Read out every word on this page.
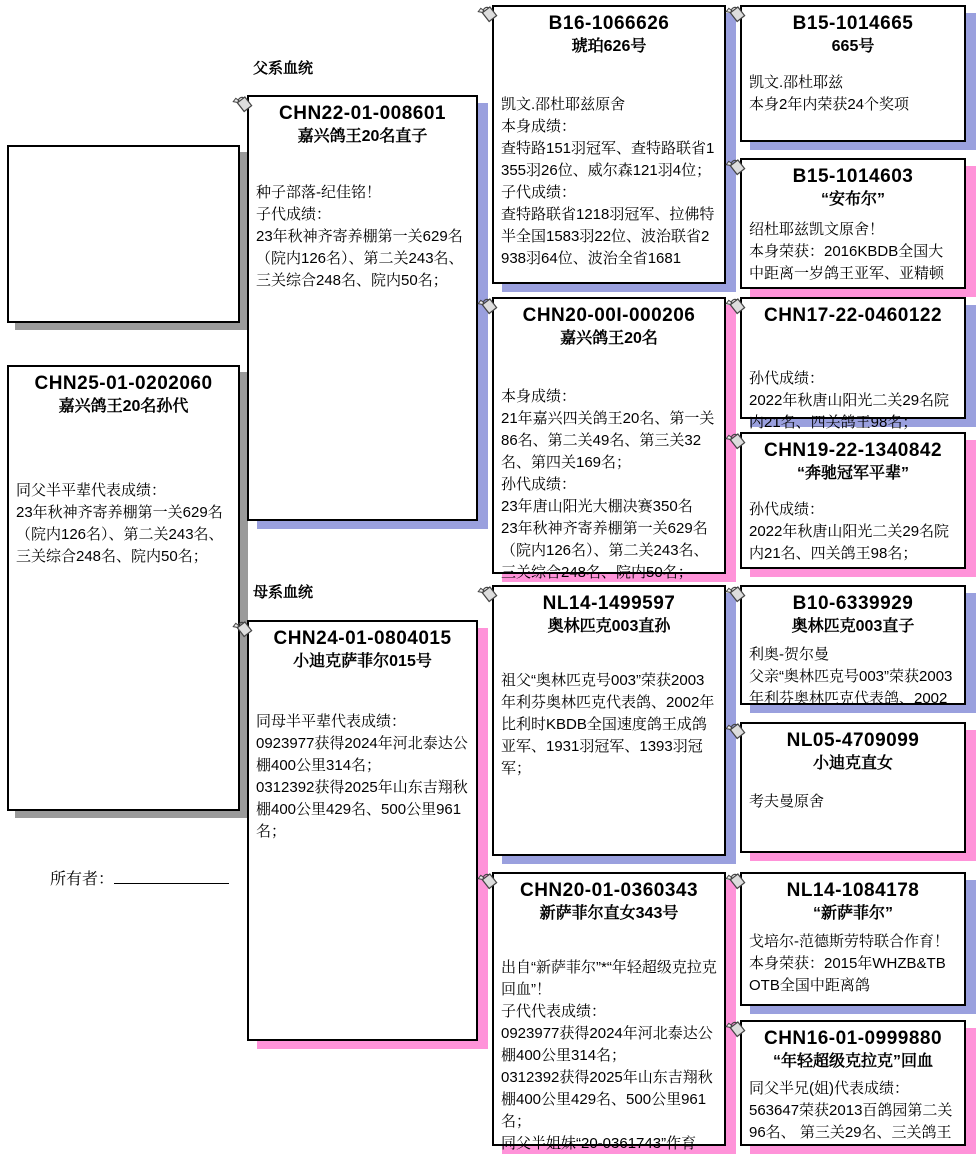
CHN25-01-0202060
嘉兴鸽王20名孙代
同父半平辈代表成绩：
23年秋神齐寄养棚第一关629名（院内126名）、第二关243名、三关综合248名、院内50名；
所有者：
父系血统
母系血统
CHN22-01-008601
嘉兴鸽王20名直子
种子部落-纪佳铭！
子代成绩：
23年秋神齐寄养棚第一关629名（院内126名）、第二关243名、三关综合248名、院内50名；
CHN24-01-0804015
小迪克萨菲尔015号
同母半平辈代表成绩：
0923977获得2024年河北泰达公棚400公里314名；
0312392获得2025年山东吉翔秋棚400公里429名、500公里961名；
B16-1066626
琥珀626号
凯文.邵杜耶兹原舍
本身成绩：
查特路151羽冠军、查特路联省1355羽26位、威尔森121羽4位；
子代成绩：
查特路联省1218羽冠军、拉佛特半全国1583羽22位、波治联省2938羽64位、波治全省1681
CHN20-00I-000206
嘉兴鸽王20名
本身成绩：
21年嘉兴四关鸽王20名、第一关86名、第二关49名、第三关32名、第四关169名；
孙代成绩：
23年唐山阳光大棚决赛350名
23年秋神齐寄养棚第一关629名（院内126名）、第二关243名、三关综合248名、院内50名；
NL14-1499597
奥林匹克003直孙
祖父“奥林匹克号003”荣获2003年利芬奥林匹克代表鸽、2002年比利时KBDB全国速度鸽王成鸽亚军、1931羽冠军、1393羽冠军；
CHN20-01-0360343
新萨菲尔直女343号
出自“新萨菲尔”*“年轻超级克拉克回血”！
子代代表成绩：
0923977获得2024年河北泰达公棚400公里314名；
0312392获得2025年山东吉翔秋棚400公里429名、500公里961名；
同父半姐妹“20-0361743”作育
B15-1014665
665号
凯文.邵杜耶兹
本身2年内荣获24个奖项
B15-1014603
“安布尔”
绍杜耶兹凯文原舍！
本身荣获：2016KBDB全国大中距离一岁鸽王亚军、亚精顿
CHN17-22-0460122
孙代成绩：
2022年秋唐山阳光二关29名院内21名、四关鸽王98名；
CHN19-22-1340842
“奔驰冠军平辈”
孙代成绩：
2022年秋唐山阳光二关29名院内21名、四关鸽王98名；
B10-6339929
奥林匹克003直子
利奥-贺尔曼
父亲“奥林匹克号003”荣获2003年利芬奥林匹克代表鸽、2002
NL05-4709099
小迪克直女
考夫曼原舍
NL14-1084178
“新萨菲尔”
戈培尔-范德斯劳特联合作育！
本身荣获：2015年WHZB&TBOTB全国中距离鸽
CHN16-01-0999880
“年轻超级克拉克”回血
同父半兄(姐)代表成绩：
563647荣获2013百鸽园第二关96名、 第三关29名、三关鸽王
